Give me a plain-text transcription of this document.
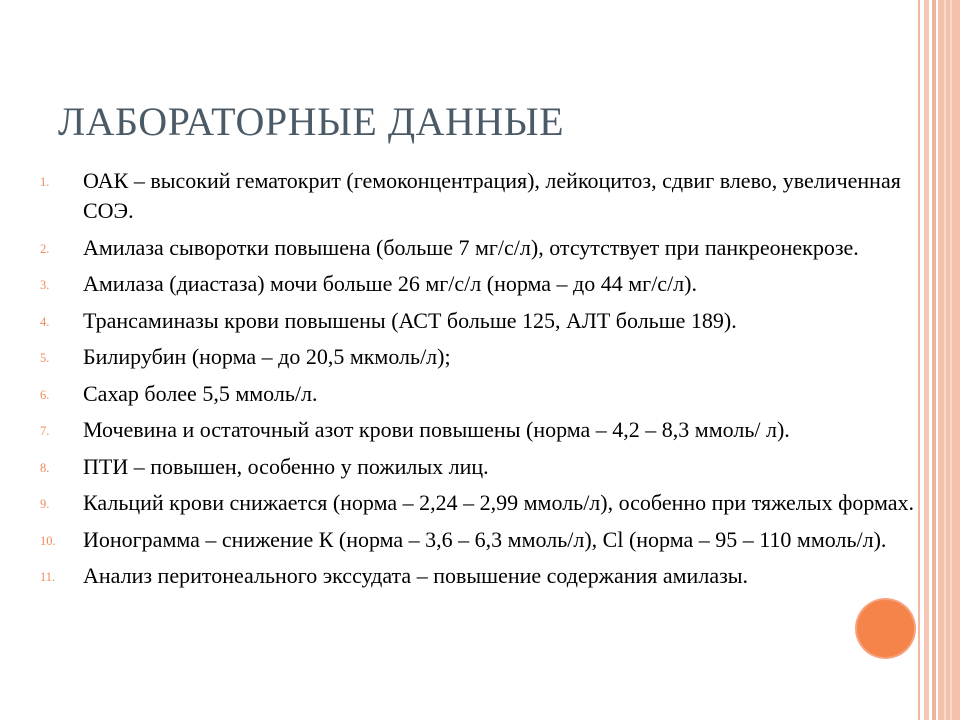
ЛАБОРАТОРНЫЕ ДАННЫЕ
1. ОАК – высокий гематокрит (гемоконцентрация), лейкоцитоз, сдвиг влево, увеличенная СОЭ.
2. Амилаза сыворотки повышена (больше 7 мг/с/л), отсутствует при панкреонекрозе.
3. Амилаза (диастаза) мочи больше 26 мг/с/л (норма – до 44 мг/с/л).
4. Трансаминазы крови повышены (АСТ больше 125, АЛТ больше 189).
5. Билирубин (норма – до 20,5 мкмоль/л);
6. Сахар более 5,5 ммоль/л.
7. Мочевина и остаточный азот крови повышены (норма – 4,2 – 8,3 ммоль/ л).
8. ПТИ – повышен, особенно у пожилых лиц.
9. Кальций крови снижается (норма – 2,24 – 2,99 ммоль/л), особенно при тяжелых формах.
10. Ионограмма – снижение К (норма – 3,6 – 6,3 ммоль/л), Cl (норма – 95 – 110 ммоль/л).
11. Анализ перитонеального экссудата – повышение содержания амилазы.
